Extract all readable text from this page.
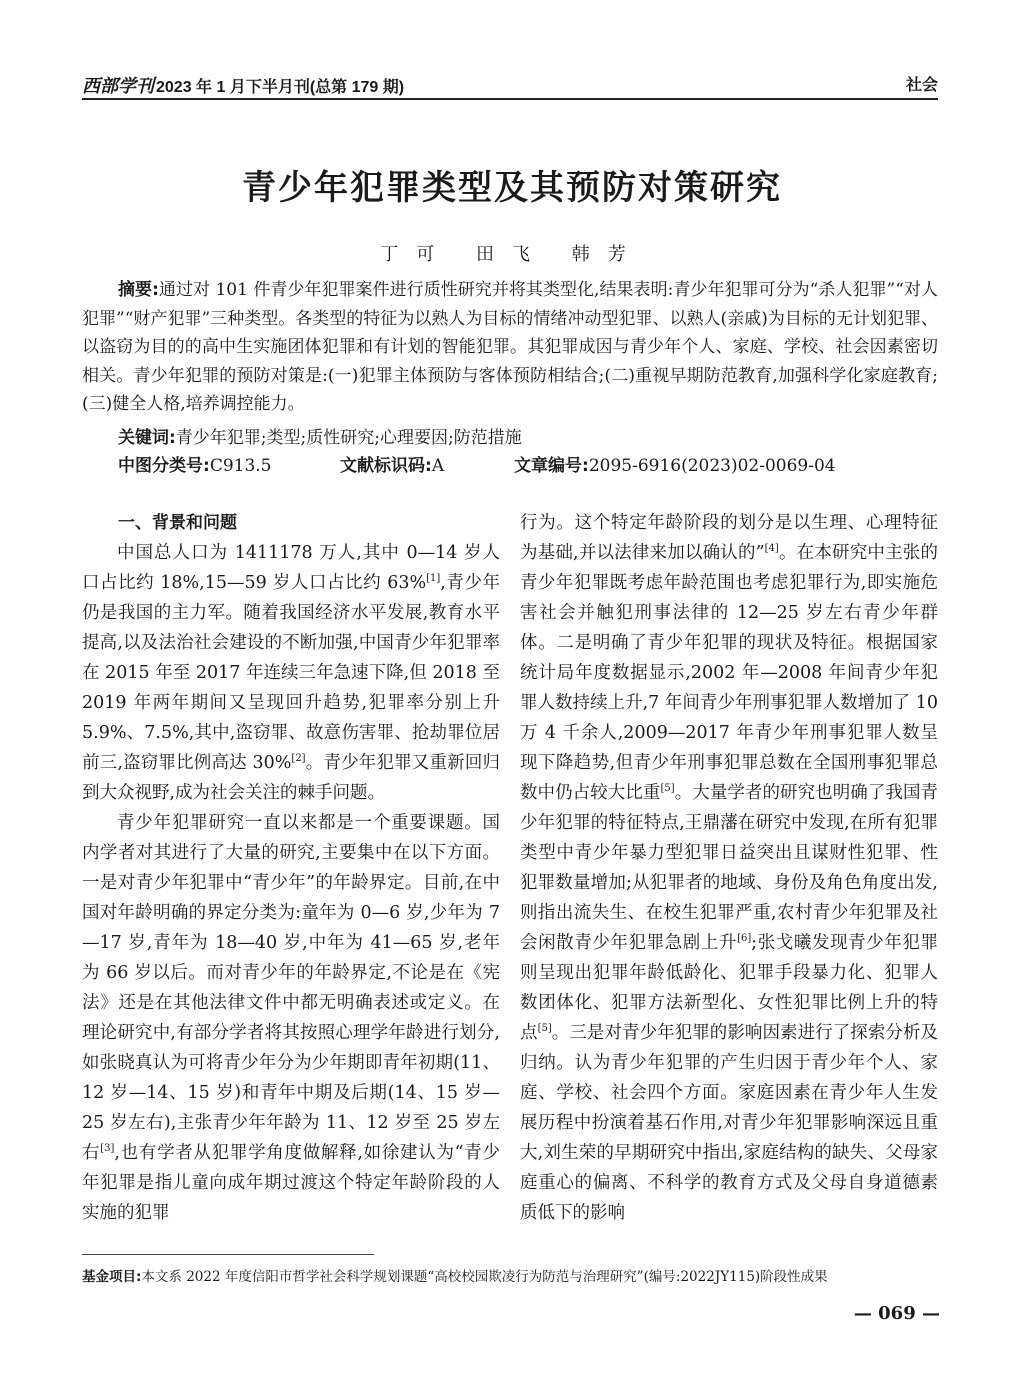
西部学刊 2023 年 1 月下半月刊(总第 179 期)	社会
青少年犯罪类型及其预防对策研究
丁可 田飞 韩芳

摘要:通过对 101 件青少年犯罪案件进行质性研究并将其类型化,结果表明:青少年犯罪可分为“杀人犯罪”“对人犯罪”“财产犯罪”三种类型。各类型的特征为以熟人为目标的情绪冲动型犯罪、以熟人(亲戚)为目标的无计划犯罪、以盗窃为目的的高中生实施团体犯罪和有计划的智能犯罪。其犯罪成因与青少年个人、家庭、学校、社会因素密切相关。青少年犯罪的预防对策是:(一)犯罪主体预防与客体预防相结合;(二)重视早期防范教育,加强科学化家庭教育;(三)健全人格,培养调控能力。

关键词:青少年犯罪;类型;质性研究;心理要因;防范措施
中图分类号:C913.5	文献标识码:A	文章编号:2095-6916(2023)02-0069-04

一、背景和问题

中国总人口为 1411178 万人,其中 0—14 岁人口占比约 18%,15—59 岁人口占比约 63%[1],青少年仍是我国的主力军。随着我国经济水平发展,教育水平提高,以及法治社会建设的不断加强,中国青少年犯罪率在 2015 年至 2017 年连续三年急速下降,但 2018 至 2019 年两年期间又呈现回升趋势,犯罪率分别上升 5.9%、7.5%,其中,盗窃罪、故意伤害罪、抢劫罪位居前三,盗窃罪比例高达 30%[2]。青少年犯罪又重新回归到大众视野,成为社会关注的棘手问题。

青少年犯罪研究一直以来都是一个重要课题。国内学者对其进行了大量的研究,主要集中在以下方面。一是对青少年犯罪中“青少年”的年龄界定。目前,在中国对年龄明确的界定分类为:童年为 0—6 岁,少年为 7—17 岁,青年为 18—40 岁,中年为 41—65 岁,老年为 66 岁以后。而对青少年的年龄界定,不论是在《宪法》还是在其他法律文件中都无明确表述或定义。在理论研究中,有部分学者将其按照心理学年龄进行划分,如张晓真认为可将青少年分为少年期即青年初期(11、12 岁—14、15 岁)和青年中期及后期(14、15 岁—25 岁左右),主张青少年年龄为 11、12 岁至 25 岁左右[3],也有学者从犯罪学角度做解释,如徐建认为“青少年犯罪是指儿童向成年期过渡这个特定年龄阶段的人实施的犯罪

行为。这个特定年龄阶段的划分是以生理、心理特征为基础,并以法律来加以确认的”[4]。在本研究中主张的青少年犯罪既考虑年龄范围也考虑犯罪行为,即实施危害社会并触犯刑事法律的 12—25 岁左右青少年群体。二是明确了青少年犯罪的现状及特征。根据国家统计局年度数据显示,2002 年—2008 年间青少年犯罪人数持续上升,7 年间青少年刑事犯罪人数增加了 10 万 4 千余人,2009—2017 年青少年刑事犯罪人数呈现下降趋势,但青少年刑事犯罪总数在全国刑事犯罪总数中仍占较大比重[5]。大量学者的研究也明确了我国青少年犯罪的特征特点,王鼎藩在研究中发现,在所有犯罪类型中青少年暴力型犯罪日益突出且谋财性犯罪、性犯罪数量增加;从犯罪者的地域、身份及角色角度出发,则指出流失生、在校生犯罪严重,农村青少年犯罪及社会闲散青少年犯罪急剧上升[6];张戈曦发现青少年犯罪则呈现出犯罪年龄低龄化、犯罪手段暴力化、犯罪人数团体化、犯罪方法新型化、女性犯罪比例上升的特点[5]。三是对青少年犯罪的影响因素进行了探索分析及归纳。认为青少年犯罪的产生归因于青少年个人、家庭、学校、社会四个方面。家庭因素在青少年人生发展历程中扮演着基石作用,对青少年犯罪影响深远且重大,刘生荣的早期研究中指出,家庭结构的缺失、父母家庭重心的偏离、不科学的教育方式及父母自身道德素质低下的影响

基金项目:本文系 2022 年度信阳市哲学社会科学规划课题“高校校园欺凌行为防范与治理研究”(编号:2022JY115)阶段性成果
— 069 —
